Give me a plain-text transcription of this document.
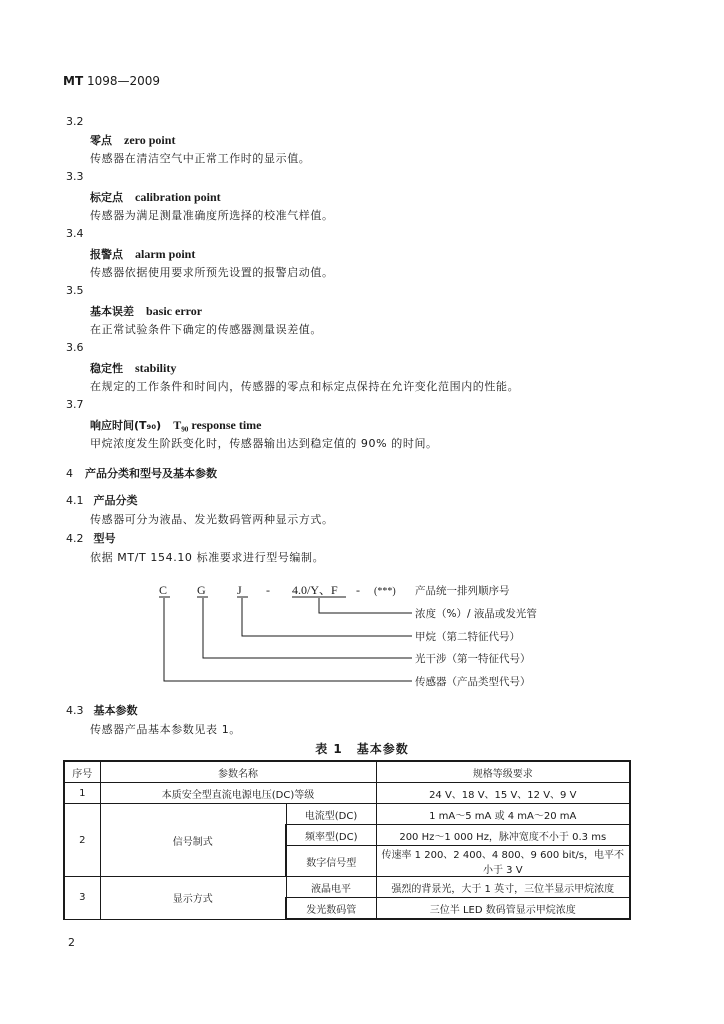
MT 1098—2009
3.2
零点 zero point
传感器在清洁空气中正常工作时的显示值。
3.3
标定点 calibration point
传感器为满足测量准确度所选择的校准气样值。
3.4
报警点 alarm point
传感器依据使用要求所预先设置的报警启动值。
3.5
基本误差 basic error
在正常试验条件下确定的传感器测量误差值。
3.6
稳定性 stability
在规定的工作条件和时间内，传感器的零点和标定点保持在允许变化范围内的性能。
3.7
响应时间(T₉₀) T₉₀ response time
甲烷浓度发生阶跃变化时，传感器输出达到稳定值的 90% 的时间。
4 产品分类和型号及基本参数
4.1 产品分类
传感器可分为液晶、发光数码管两种显示方式。
4.2 型号
依据 MT/T 154.10 标准要求进行型号编制。
C G	J - 4.0/Y、F - (***) 产品统一排列顺序号
浓度（%）/ 液晶或发光管
甲烷（第二特征代号）
光干涉（第一特征代号）
传感器（产品类型代号）
4.3 基本参数
传感器产品基本参数见表 1。
表 1 基本参数
序号	参数名称		规格等级要求
1	本质安全型直流电源电压(DC)等级		24 V、18 V、15 V、12 V、9 V
2	信号制式	电流型(DC)	1 mA～5 mA 或 4 mA～20 mA
		频率型(DC)	200 Hz～1 000 Hz，脉冲宽度不小于 0.3 ms
		数字信号型	传速率 1 200、2 400、4 800、9 600 bit/s，电平不小于 3 V
3	显示方式	液晶电平	强烈的背景光，大于 1 英寸，三位半显示甲烷浓度
		发光数码管	三位半 LED 数码管显示甲烷浓度
2
